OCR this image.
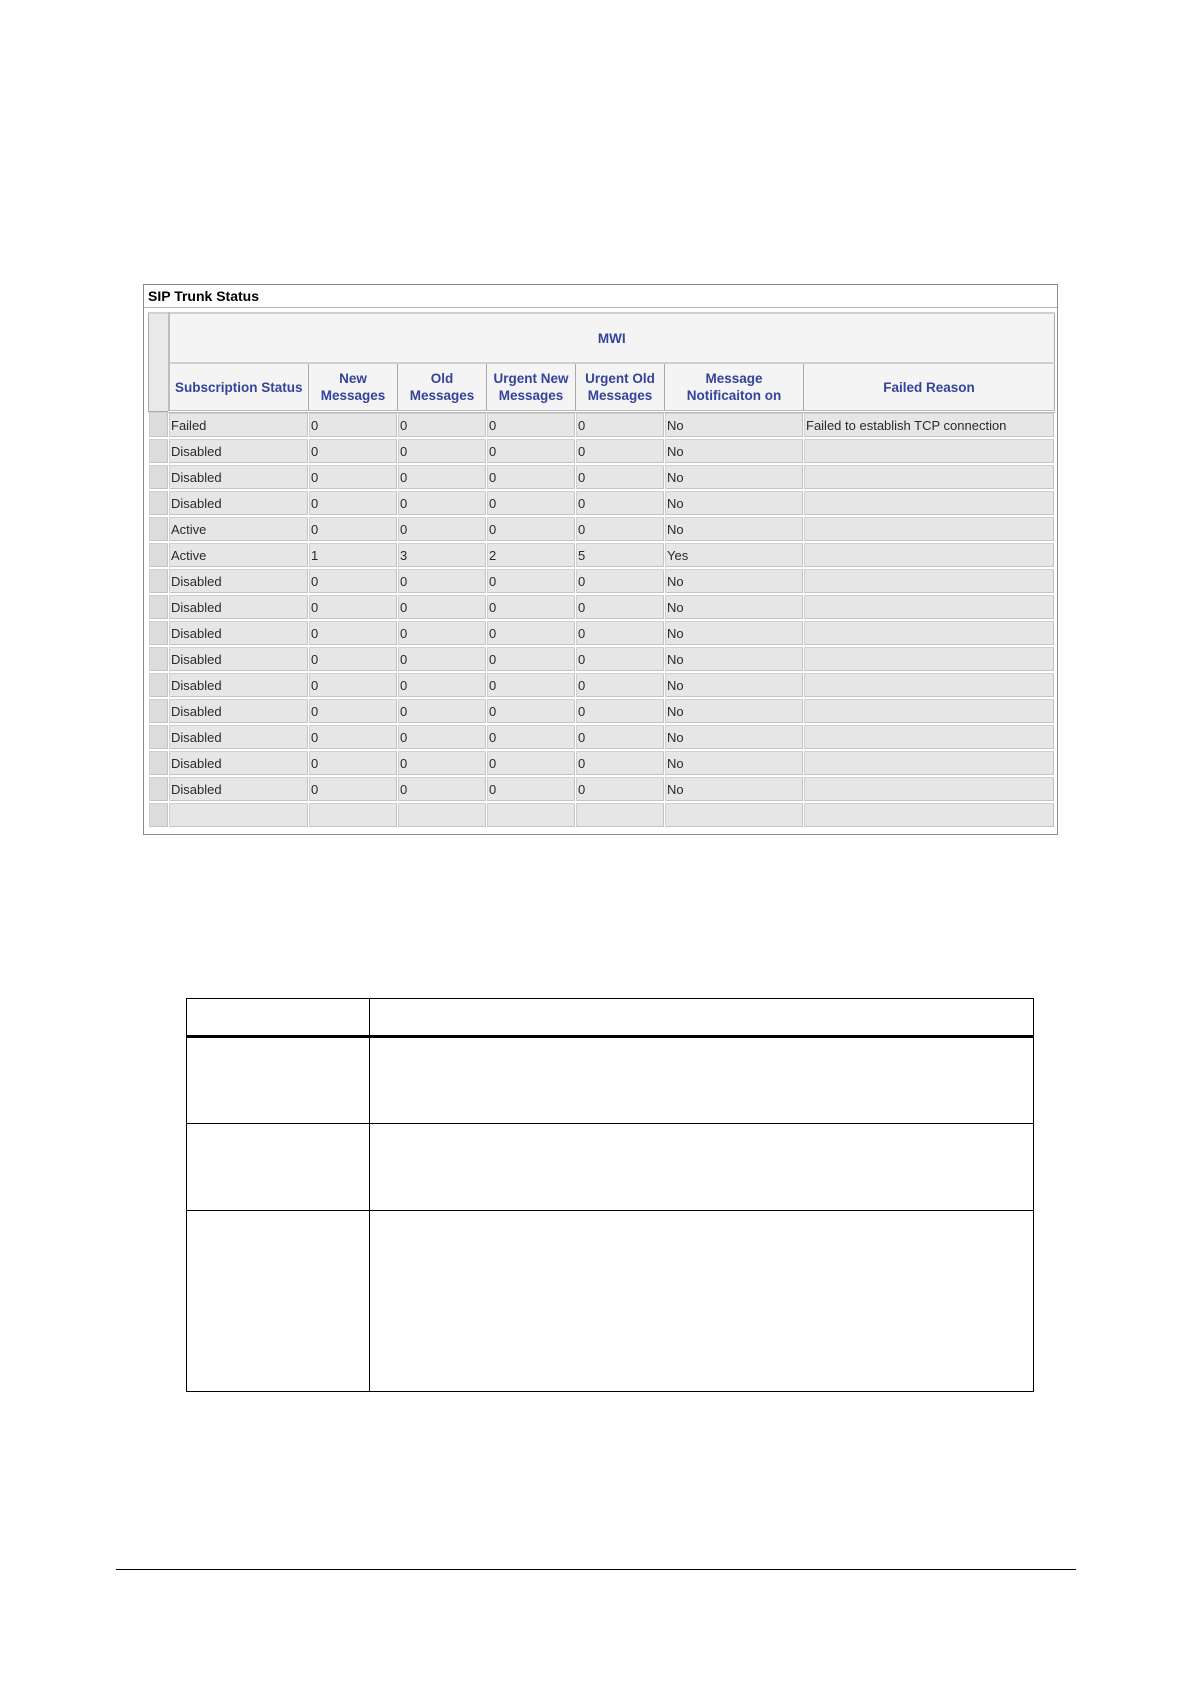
SIP Trunk Status
	MWI						
	Subscription Status	New Messages	Old Messages	Urgent New Messages	Urgent Old Messages	Message Notificaiton on	Failed Reason
	Failed	0	0	0	0	No	Failed to establish TCP connection
	Disabled	0	0	0	0	No	
	Disabled	0	0	0	0	No	
	Disabled	0	0	0	0	No	
	Active	0	0	0	0	No	
	Active	1	3	2	5	Yes	
	Disabled	0	0	0	0	No	
	Disabled	0	0	0	0	No	
	Disabled	0	0	0	0	No	
	Disabled	0	0	0	0	No	
	Disabled	0	0	0	0	No	
	Disabled	0	0	0	0	No	
	Disabled	0	0	0	0	No	
	Disabled	0	0	0	0	No	
	Disabled	0	0	0	0	No	
